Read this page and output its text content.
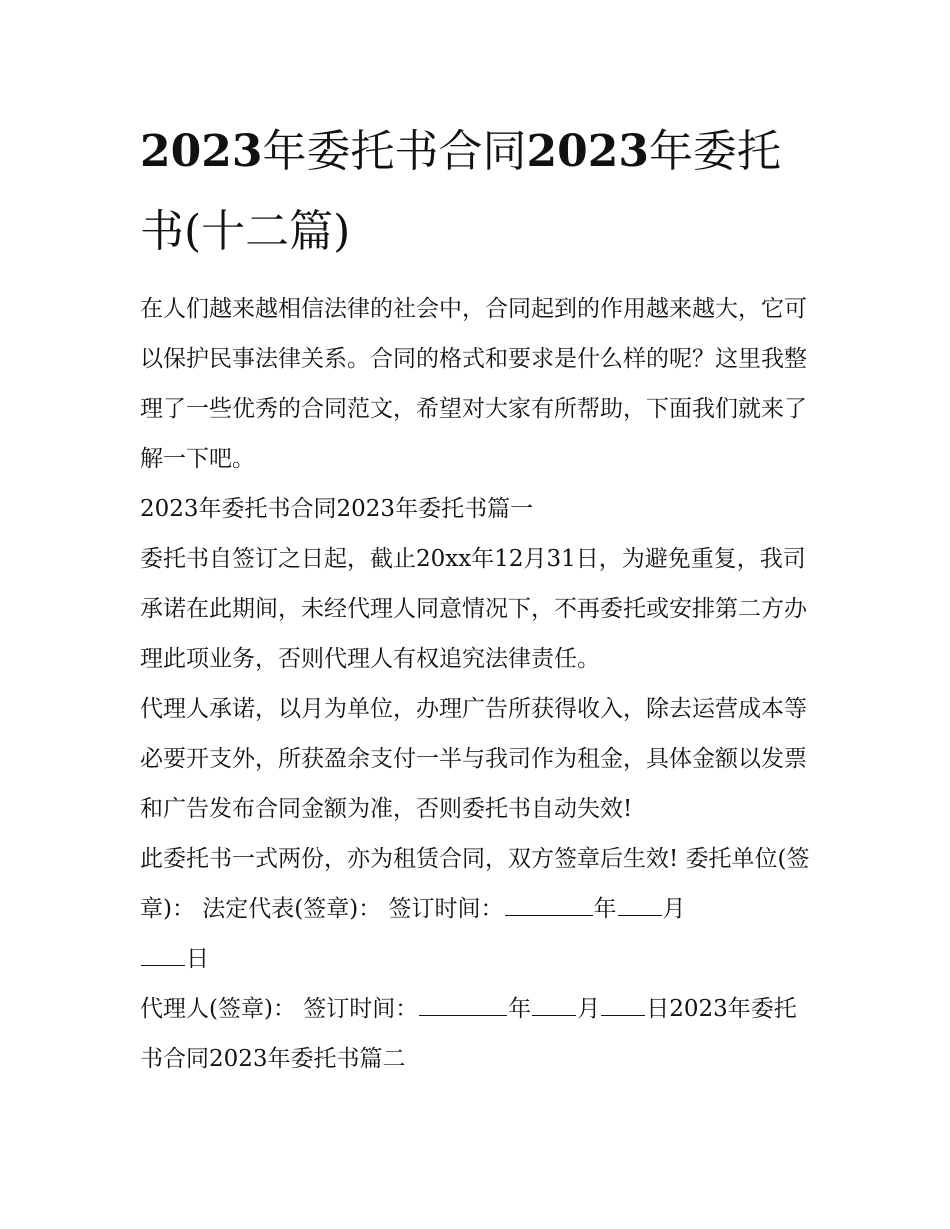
2023年委托书合同2023年委托书(十二篇)

在人们越来越相信法律的社会中，合同起到的作用越来越大，它可以保护民事法律关系。合同的格式和要求是什么样的呢？这里我整理了一些优秀的合同范文，希望对大家有所帮助，下面我们就来了解一下吧。

2023年委托书合同2023年委托书篇一

委托书自签订之日起，截止20xx年12月31日，为避免重复，我司承诺在此期间，未经代理人同意情况下，不再委托或安排第二方办理此项业务，否则代理人有权追究法律责任。

代理人承诺，以月为单位，办理广告所获得收入，除去运营成本等必要开支外，所获盈余支付一半与我司作为租金，具体金额以发票和广告发布合同金额为准，否则委托书自动失效!

此委托书一式两份，亦为租赁合同，双方签章后生效! 委托单位(签章)： 法定代表(签章)： 签订时间：	年 月
日

代理人(签章)： 签订时间：	年 月 日2023年委托书合同2023年委托书篇二
